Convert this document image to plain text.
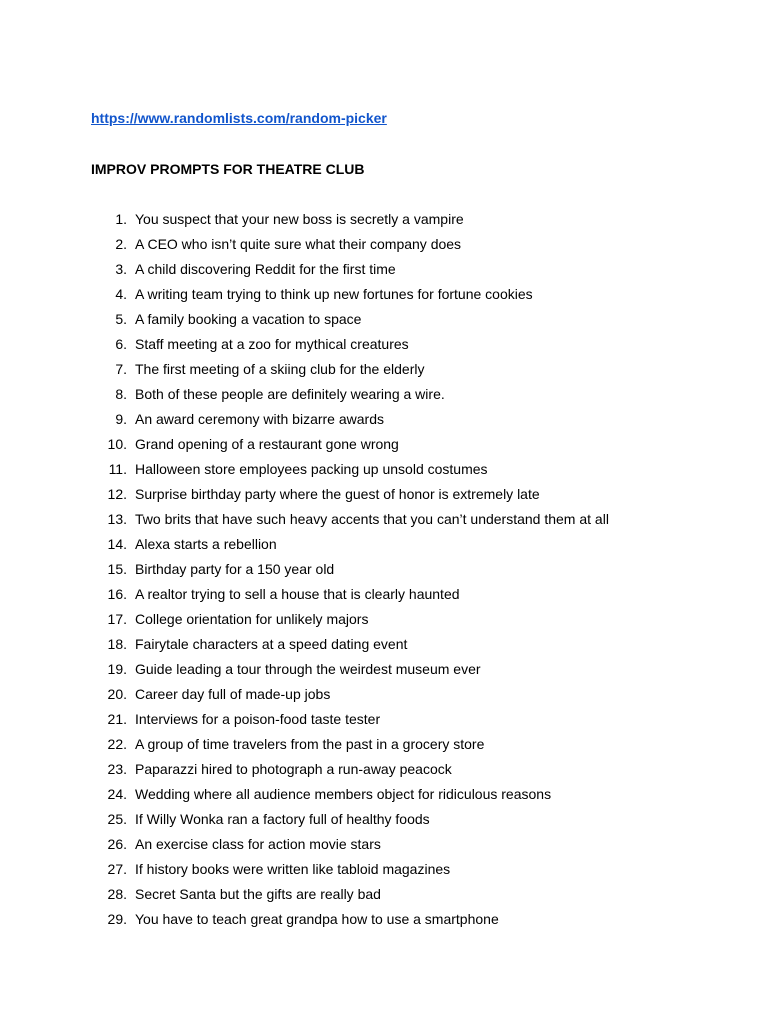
https://www.randomlists.com/random-picker
IMPROV PROMPTS FOR THEATRE CLUB
1. You suspect that your new boss is secretly a vampire
2. A CEO who isn’t quite sure what their company does
3. A child discovering Reddit for the first time
4. A writing team trying to think up new fortunes for fortune cookies
5. A family booking a vacation to space
6. Staff meeting at a zoo for mythical creatures
7. The first meeting of a skiing club for the elderly
8. Both of these people are definitely wearing a wire.
9. An award ceremony with bizarre awards
10. Grand opening of a restaurant gone wrong
11. Halloween store employees packing up unsold costumes
12. Surprise birthday party where the guest of honor is extremely late
13. Two brits that have such heavy accents that you can’t understand them at all
14. Alexa starts a rebellion
15. Birthday party for a 150 year old
16. A realtor trying to sell a house that is clearly haunted
17. College orientation for unlikely majors
18. Fairytale characters at a speed dating event
19. Guide leading a tour through the weirdest museum ever
20. Career day full of made-up jobs
21. Interviews for a poison-food taste tester
22. A group of time travelers from the past in a grocery store
23. Paparazzi hired to photograph a run-away peacock
24. Wedding where all audience members object for ridiculous reasons
25. If Willy Wonka ran a factory full of healthy foods
26. An exercise class for action movie stars
27. If history books were written like tabloid magazines
28. Secret Santa but the gifts are really bad
29. You have to teach great grandpa how to use a smartphone
